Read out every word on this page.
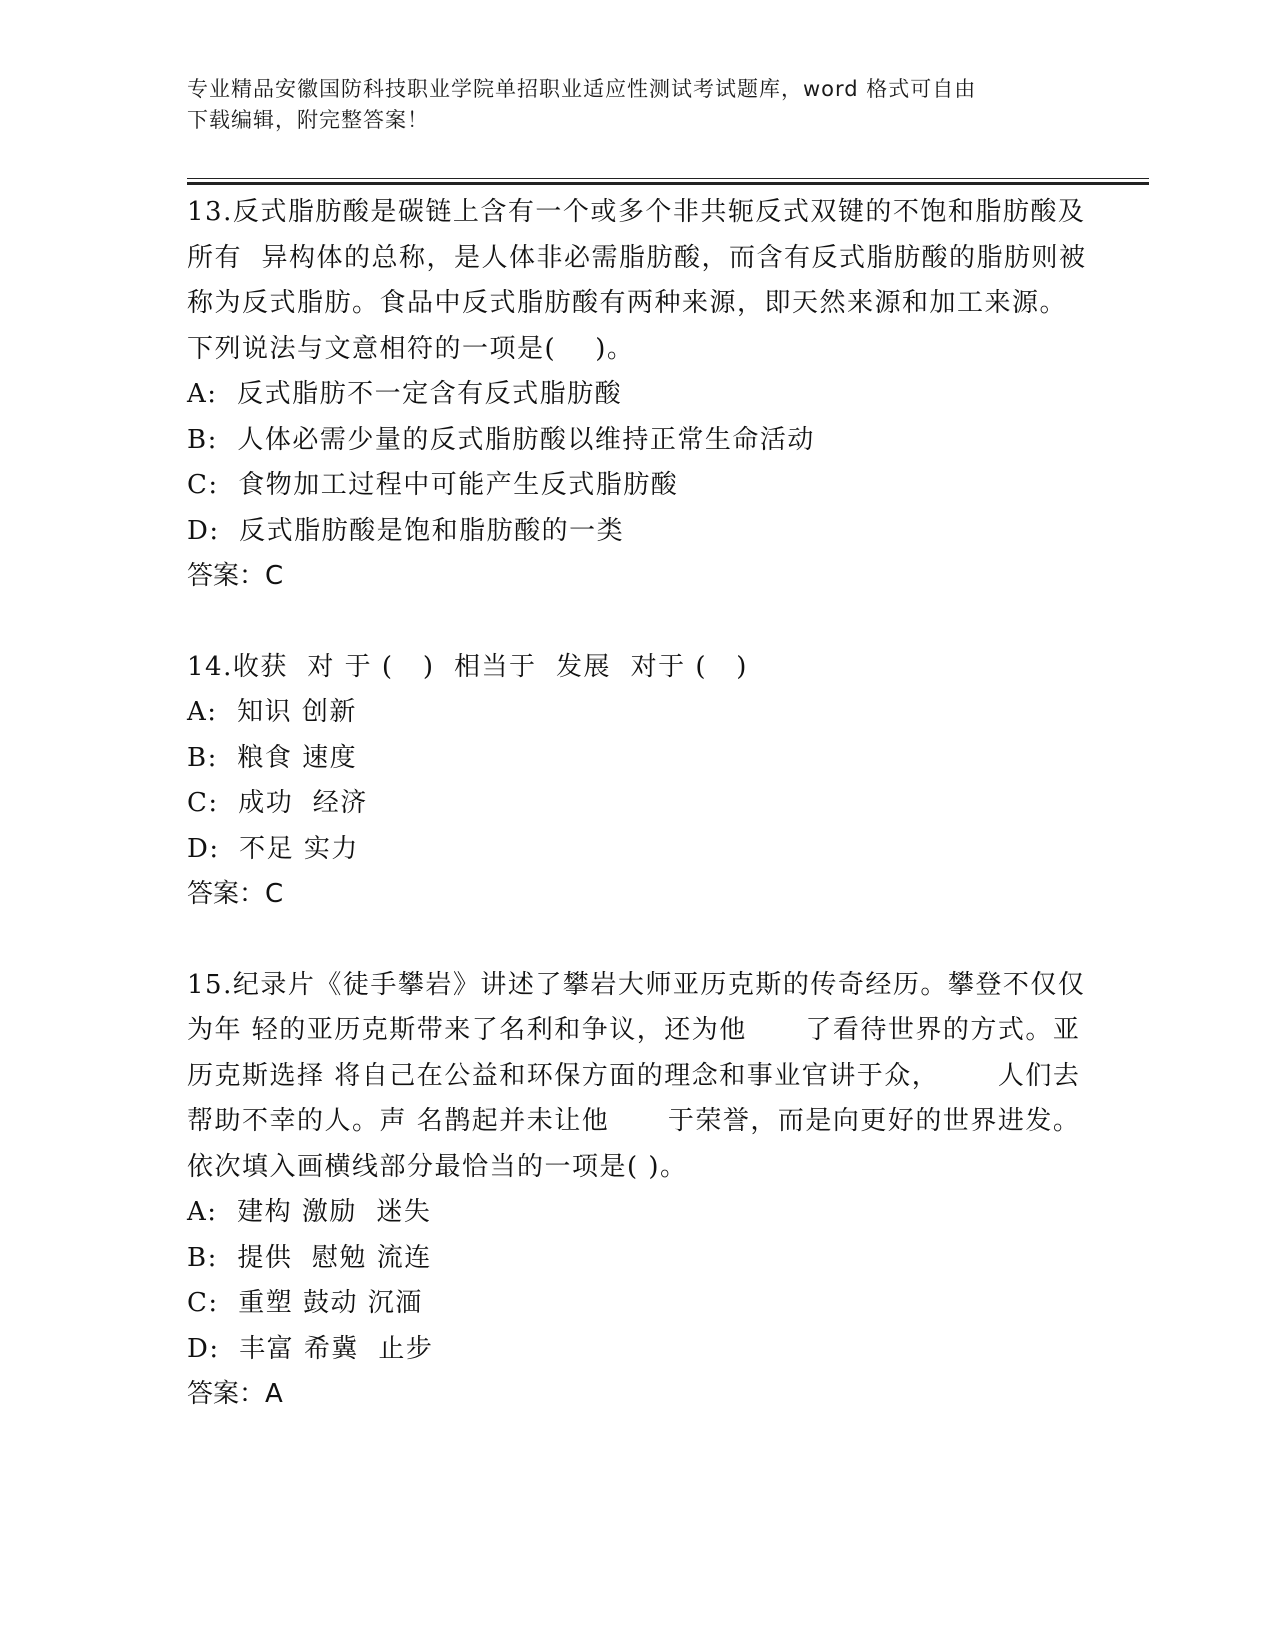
专业精品安徽国防科技职业学院单招职业适应性测试考试题库，word 格式可自由
下载编辑，附完整答案！
13.反式脂肪酸是碳链上含有一个或多个非共轭反式双键的不饱和脂肪酸及所有  异构体的总称，是人体非必需脂肪酸，而含有反式脂肪酸的脂肪则被称为反式脂肪。食品中反式脂肪酸有两种来源，即天然来源和加工来源。下列说法与文意相符的一项是(    )。
A: 反式脂肪不一定含有反式脂肪酸
B: 人体必需少量的反式脂肪酸以维持正常生命活动
C: 食物加工过程中可能产生反式脂肪酸
D: 反式脂肪酸是饱和脂肪酸的一类
答案：C
14.收获  对 于 (   )  相当于  发展  对于 (   )
A: 知识 创新
B: 粮食 速度
C: 成功  经济
D: 不足 实力
答案：C
15.纪录片《徒手攀岩》讲述了攀岩大师亚历克斯的传奇经历。攀登不仅仅为年 轻的亚历克斯带来了名利和争议，还为他      了看待世界的方式。亚历克斯选择 将自己在公益和环保方面的理念和事业官讲于众，      人们去帮助不幸的人。声 名鹊起并未让他      于荣誉，而是向更好的世界进发。依次填入画横线部分最恰当的一项是( )。
A: 建构 激励  迷失
B: 提供  慰勉 流连
C: 重塑 鼓动 沉湎
D: 丰富 希冀  止步
答案：A
